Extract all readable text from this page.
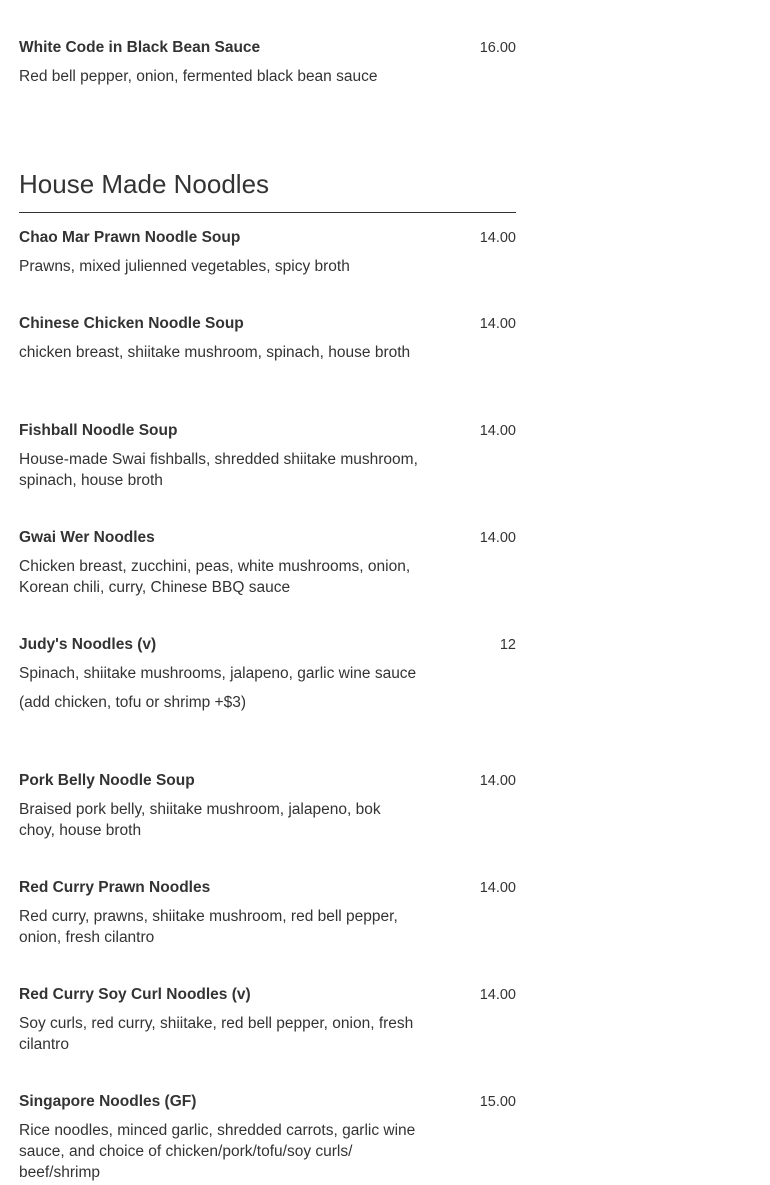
White Code in Black Bean Sauce	16.00
Red bell pepper, onion, fermented black bean sauce
House Made Noodles
Chao Mar Prawn Noodle Soup	14.00
Prawns, mixed julienned vegetables, spicy broth
Chinese Chicken Noodle Soup	14.00
chicken breast, shiitake mushroom, spinach, house broth
Fishball Noodle Soup	14.00
House-made Swai fishballs, shredded shiitake mushroom, spinach, house broth
Gwai Wer Noodles	14.00
Chicken breast, zucchini, peas, white mushrooms, onion, Korean chili, curry, Chinese BBQ sauce
Judy's Noodles (v)	12
Spinach, shiitake mushrooms, jalapeno, garlic wine sauce
(add chicken, tofu or shrimp +$3)
Pork Belly Noodle Soup	14.00
Braised pork belly, shiitake mushroom, jalapeno, bok choy, house broth
Red Curry Prawn Noodles	14.00
Red curry, prawns, shiitake mushroom, red bell pepper, onion, fresh cilantro
Red Curry Soy Curl Noodles (v)	14.00
Soy curls, red curry, shiitake, red bell pepper, onion, fresh cilantro
Singapore Noodles (GF)	15.00
Rice noodles, minced garlic, shredded carrots, garlic wine sauce, and choice of chicken/pork/tofu/soy curls/ beef/shrimp
